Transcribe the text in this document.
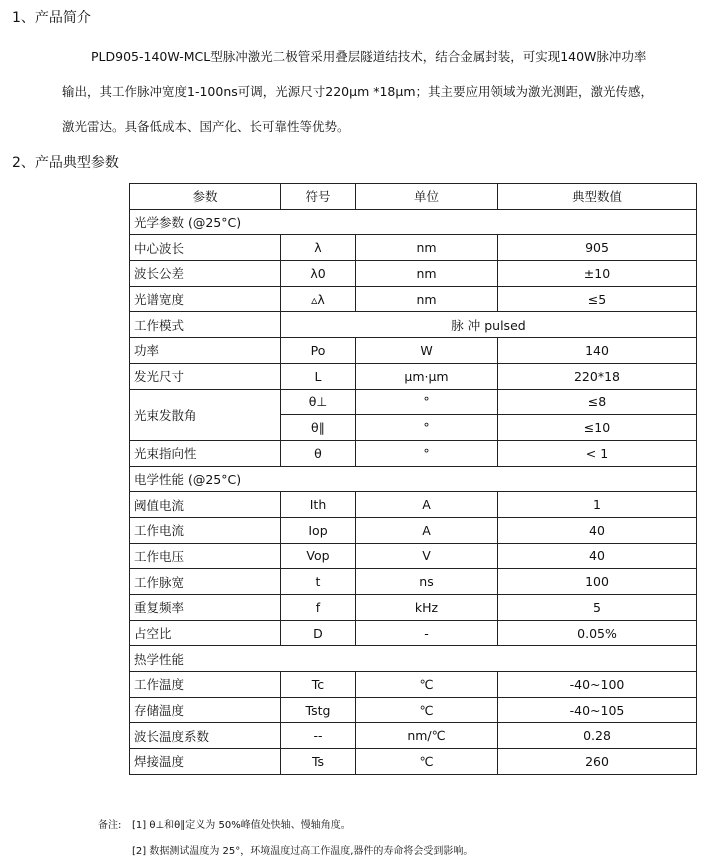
1、产品简介
PLD905-140W-MCL型脉冲激光二极管采用叠层隧道结技术，结合金属封装，可实现140W脉冲功率
输出，其工作脉冲宽度1-100ns可调，光源尺寸220μm *18μm；其主要应用领域为激光测距，激光传感，
激光雷达。具备低成本、国产化、长可靠性等优势。
2、产品典型参数
参数	符号	单位	典型数值
光学参数 (@25°C)			
中心波长	λ	nm	905
波长公差	λ0	nm	±10
光谱宽度	▵λ	nm	≤5
工作模式	脉 冲 pulsed		
功率	Po	W	140
发光尺寸	L	μm·μm	220*18
光束发散角	θ⊥	°	≤8
	θ∥	°	≤10
光束指向性	θ	°	< 1
电学性能 (@25°C)			
阈值电流	Ith	A	1
工作电流	Iop	A	40
工作电压	Vop	V	40
工作脉宽	t	ns	100
重复频率	f	kHz	5
占空比	D	-	0.05%
热学性能			
工作温度	Tc	℃	-40~100
存储温度	Tstg	℃	-40~105
波长温度系数	--	nm/℃	0.28
焊接温度	Ts	℃	260
备注: [1] θ⊥和θ∥定义为 50%峰值处快轴、慢轴角度。
[2] 数据测试温度为 25°，环境温度过高工作温度,器件的寿命将会受到影响。
